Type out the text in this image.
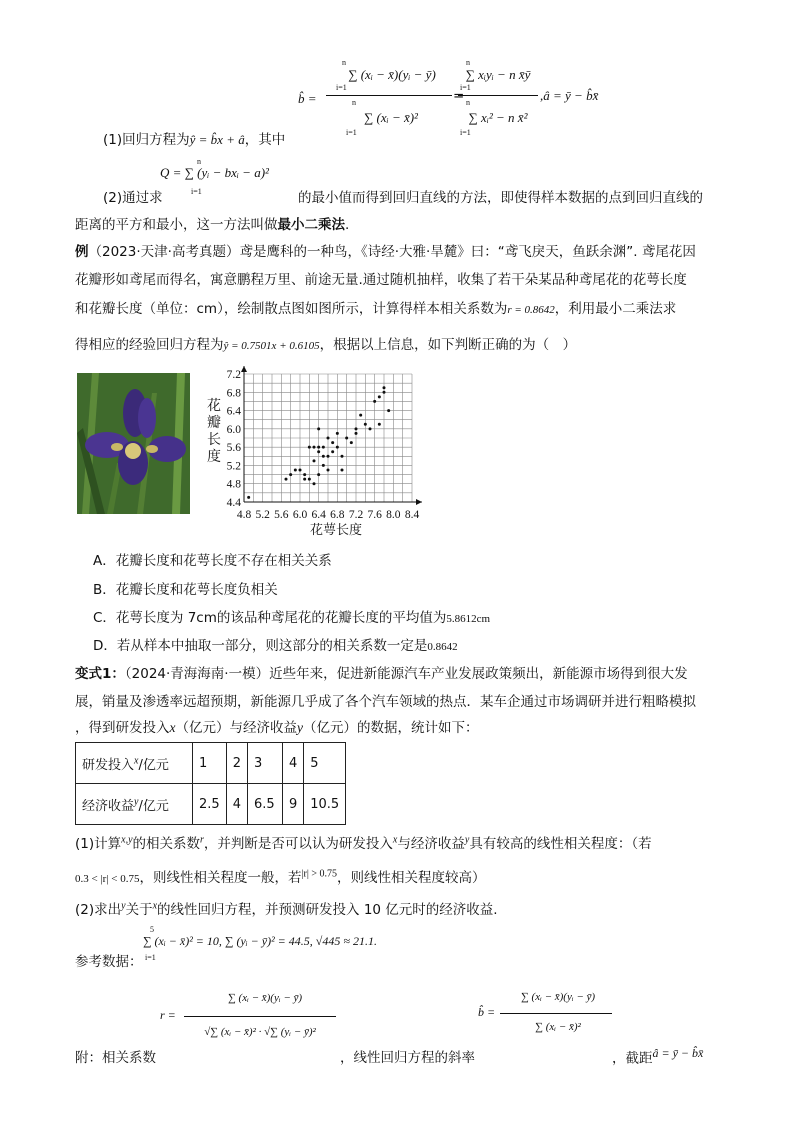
(1)回归方程为ŷ = b̂x + â，其中
b̂ =
n
i=1
∑ (xᵢ − x̄)(yᵢ − ȳ)
n
i=1
∑ (xᵢ − x̄)²
=
n
i=1
∑ xᵢyᵢ − n x̄ȳ
n
i=1
∑ xᵢ² − n x̄²
,â = ȳ − b̂x̄
n
i=1
Q = ∑ (yᵢ − bxᵢ − a)²
(2)通过求	的最小值而得到回归直线的方法，即使得样本数据的点到回归直线的
距离的平方和最小，这一方法叫做最小二乘法.
例（2023·天津·高考真题）鸢是鹰科的一种鸟，《诗经·大雅·旱麓》曰：“鸢飞戾天，鱼跃余渊”. 鸢尾花因
花瓣形如鸢尾而得名，寓意鹏程万里、前途无量.通过随机抽样，收集了若干朵某品种鸢尾花的花萼长度
和花瓣长度（单位：cm），绘制散点图如图所示，计算得样本相关系数为r = 0.8642，利用最小二乘法求
得相应的经验回归方程为ŷ = 0.7501x + 0.6105，根据以上信息，如下判断正确的为（　）
花瓣长度
4.8 5.2 5.6 6.0 6.4 6.8 7.2 7.6 8.0 8.4
4.4
4.8
5.2
5.6
6.0
6.4
6.8
7.2
花萼长度
A．花瓣长度和花萼长度不存在相关关系
B．花瓣长度和花萼长度负相关
C．花萼长度为 7cm的该品种鸢尾花的花瓣长度的平均值为5.8612cm
D．若从样本中抽取一部分，则这部分的相关系数一定是0.8642
变式1：（2024·青海海南·一模）近些年来，促进新能源汽车产业发展政策频出，新能源市场得到很大发
展，销量及渗透率远超预期，新能源几乎成了各个汽车领域的热点．某车企通过市场调研并进行粗略模拟
，得到研发投入x（亿元）与经济收益y（亿元）的数据，统计如下：
研发投入$^x$/亿元	1	2	3	4	5
经济收益$^y$/亿元	2.5	4	6.5	9	10.5
(1)计算$^{x,y}$的相关系数$^r$，并判断是否可以认为研发投入$^x$与经济收益$^y$具有较高的线性相关程度：（若
0.3 < |r| < 0.75，则线性相关程度一般，若$^{|r| > 0.75}$，则线性相关程度较高）
(2)求出$^y$关于$^x$的线性回归方程，并预测研发投入 10 亿元时的经济收益.
5
i=1
∑ (xᵢ − x̄)² = 10, ∑ (yᵢ − ȳ)² = 44.5, √445 ≈ 21.1.
参考数据：
r =
∑ (xᵢ − x̄)(yᵢ − ȳ)
√∑ (xᵢ − x̄)² · √∑ (yᵢ − ȳ)²
附：相关系数	，线性回归方程的斜率
b̂ =
∑ (xᵢ − x̄)(yᵢ − ȳ)
∑ (xᵢ − x̄)²
，截距â = ȳ − b̂x̄
